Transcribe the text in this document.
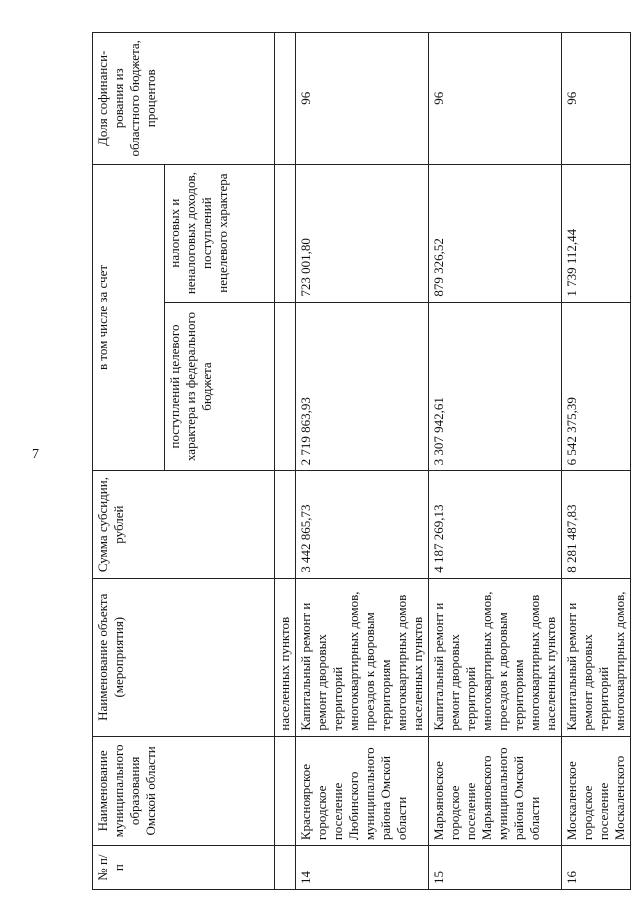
7
№ п/п	Наименование муниципального образования Омской области	Наименование объекта (мероприятия)	Сумма субсидии, рублей	в том числе за счет		Доля софинанси- рования из областного бюджета, процентов
				поступлений целевого характера из федерального бюджета	налоговых и неналоговых доходов, поступлений нецелевого характера	
		населенных пунктов				
14	Красноярское городское поселение Любинского муниципального района Омской области	Капитальный ремонт и ремонт дворовых территорий многоквартирных домов, проездов к дворовым территориям многоквартирных домов населенных пунктов	3 442 865,73	2 719 863,93	723 001,80	96
15	Марьяновское городское поселение Марьяновского муниципального района Омской области	Капитальный ремонт и ремонт дворовых территорий многоквартирных домов, проездов к дворовым территориям многоквартирных домов населенных пунктов	4 187 269,13	3 307 942,61	879 326,52	96
16	Москаленское городское поселение Москаленского	Капитальный ремонт и ремонт дворовых территорий многоквартирных домов,	8 281 487,83	6 542 375,39	1 739 112,44	96
